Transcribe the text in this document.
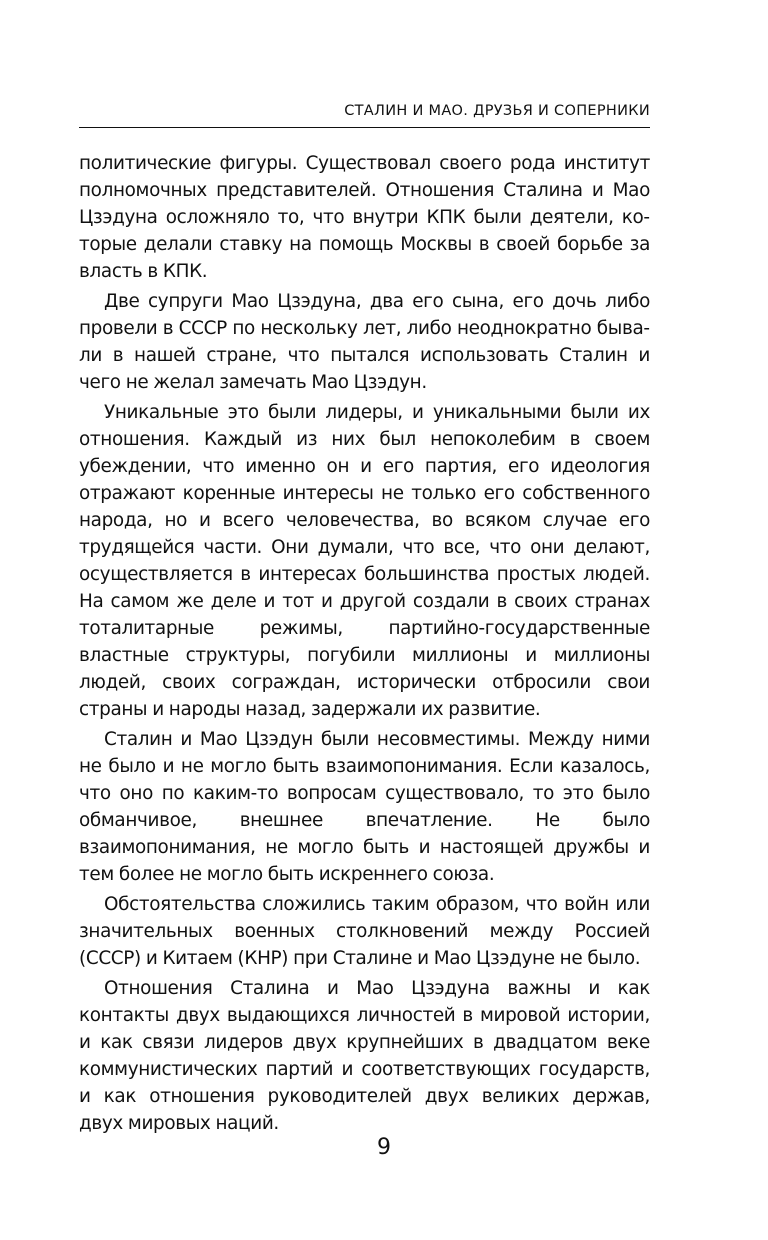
СТАЛИН И МАО. ДРУЗЬЯ И СОПЕРНИКИ

политические фигуры. Существовал своего рода институт полномочных представителей. Отношения Сталина и Мао Цзэдуна осложняло то, что внутри КПК были деятели, которые делали ставку на помощь Москвы в своей борьбе за власть в КПК.

Две супруги Мао Цзэдуна, два его сына, его дочь либо провели в СССР по нескольку лет, либо неоднократно бывали в нашей стране, что пытался использовать Сталин и чего не желал замечать Мао Цзэдун.

Уникальные это были лидеры, и уникальными были их отношения. Каждый из них был непоколебим в своем убеждении, что именно он и его партия, его идеология отражают коренные интересы не только его собственного народа, но и всего человечества, во всяком случае его трудящейся части. Они думали, что все, что они делают, осуществляется в интересах большинства простых людей. На самом же деле и тот и другой создали в своих странах тоталитарные режимы, партийно-государственные властные структуры, погубили миллионы и миллионы людей, своих сограждан, исторически отбросили свои страны и народы назад, задержали их развитие.

Сталин и Мао Цзэдун были несовместимы. Между ними не было и не могло быть взаимопонимания. Если казалось, что оно по каким-то вопросам существовало, то это было обманчивое, внешнее впечатление. Не было взаимопонимания, не могло быть и настоящей дружбы и тем более не могло быть искреннего союза.

Обстоятельства сложились таким образом, что войн или значительных военных столкновений между Россией (СССР) и Китаем (КНР) при Сталине и Мао Цзэдуне не было.

Отношения Сталина и Мао Цзэдуна важны и как контакты двух выдающихся личностей в мировой истории, и как связи лидеров двух крупнейших в двадцатом веке коммунистических партий и соответствующих государств, и как отношения руководителей двух великих держав, двух мировых наций.

9
